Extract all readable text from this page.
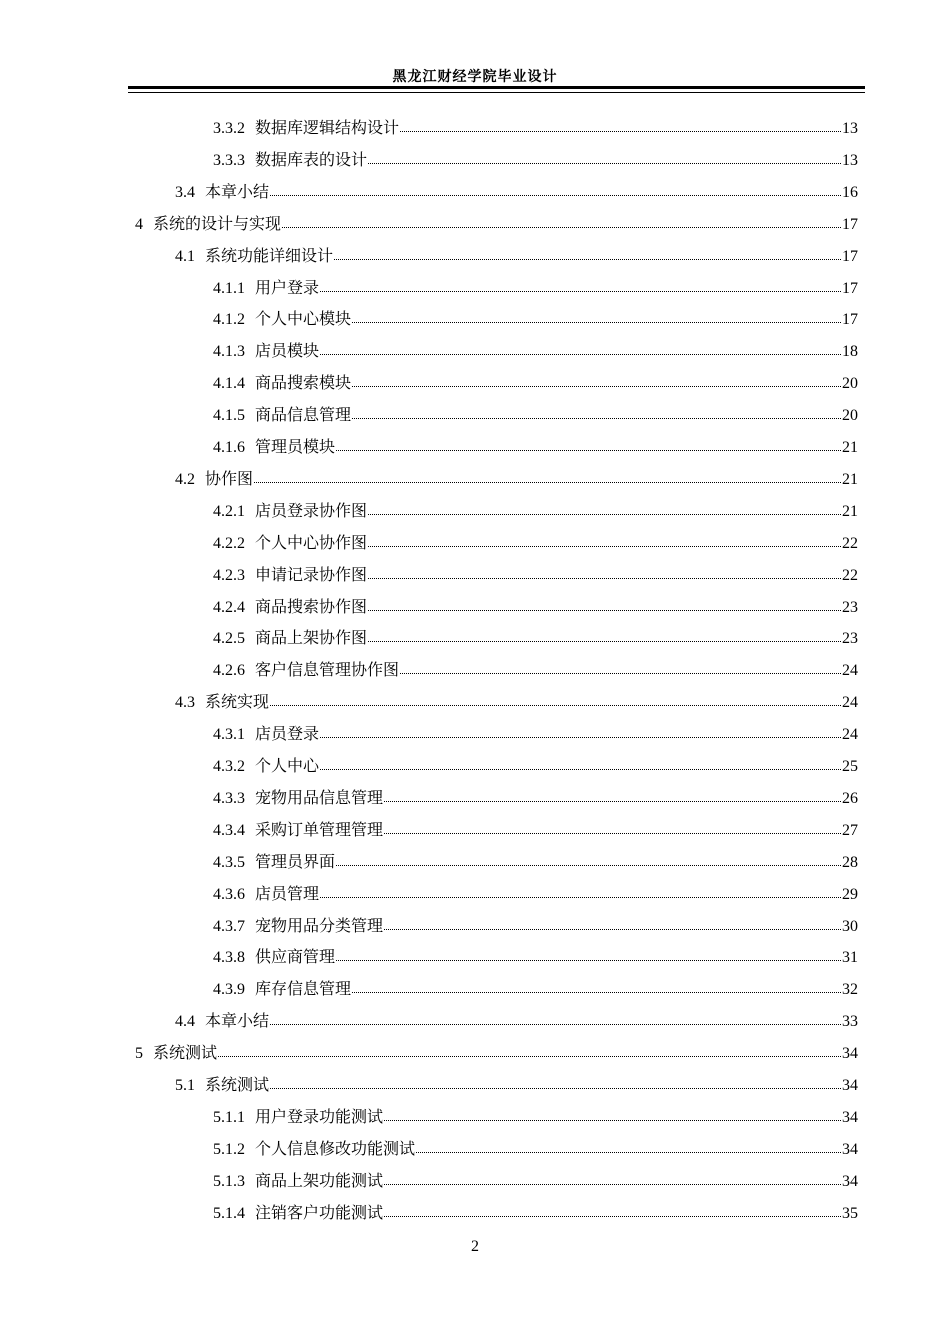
黑龙江财经学院毕业设计
3.3.2 数据库逻辑结构设计	13
3.3.3 数据库表的设计	13
3.4 本章小结	16
4 系统的设计与实现	17
4.1 系统功能详细设计	17
4.1.1 用户登录	17
4.1.2 个人中心模块	17
4.1.3 店员模块	18
4.1.4 商品搜索模块	20
4.1.5 商品信息管理	20
4.1.6 管理员模块	21
4.2 协作图	21
4.2.1 店员登录协作图	21
4.2.2 个人中心协作图	22
4.2.3 申请记录协作图	22
4.2.4 商品搜索协作图	23
4.2.5 商品上架协作图	23
4.2.6 客户信息管理协作图	24
4.3 系统实现	24
4.3.1 店员登录	24
4.3.2 个人中心	25
4.3.3 宠物用品信息管理	26
4.3.4 采购订单管理管理	27
4.3.5 管理员界面	28
4.3.6 店员管理	29
4.3.7 宠物用品分类管理	30
4.3.8 供应商管理	31
4.3.9 库存信息管理	32
4.4 本章小结	33
5 系统测试	34
5.1 系统测试	34
5.1.1 用户登录功能测试	34
5.1.2 个人信息修改功能测试	34
5.1.3 商品上架功能测试	34
5.1.4 注销客户功能测试	35
2
